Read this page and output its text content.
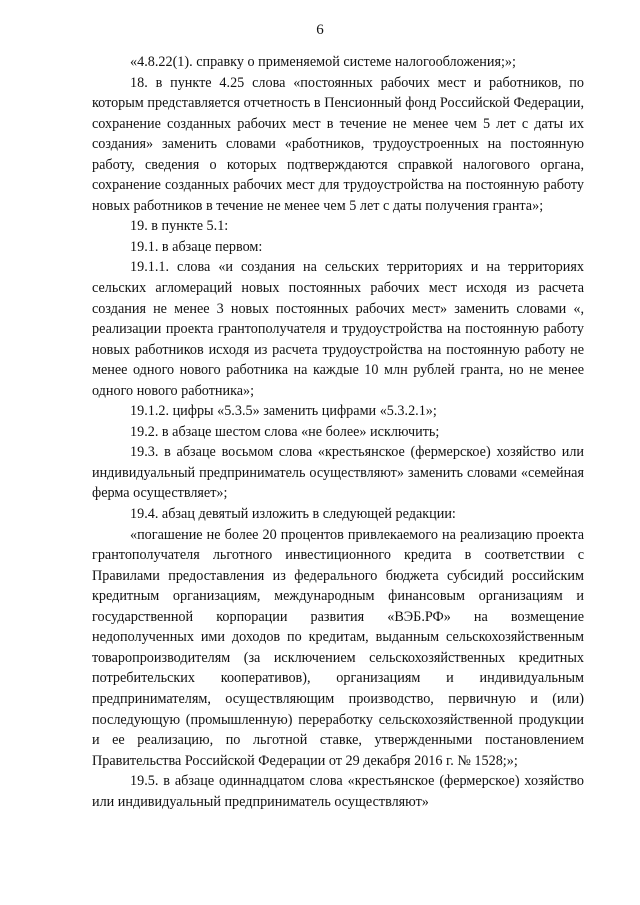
6

«4.8.22(1). справку о применяемой системе налогообложения;»;

18. в пункте 4.25 слова «постоянных рабочих мест и работников, по которым представляется отчетность в Пенсионный фонд Российской Федерации, сохранение созданных рабочих мест в течение не менее чем 5 лет с даты их создания» заменить словами «работников, трудоустроенных на постоянную работу, сведения о которых подтверждаются справкой налогового органа, сохранение созданных рабочих мест для трудоустройства на постоянную работу новых работников в течение не менее чем 5 лет с даты получения гранта»;

19. в пункте 5.1:

19.1. в абзаце первом:

19.1.1. слова «и создания на сельских территориях и на территориях сельских агломераций новых постоянных рабочих мест исходя из расчета создания не менее 3 новых постоянных рабочих мест» заменить словами «, реализации проекта грантополучателя и трудоустройства на постоянную работу новых работников исходя из расчета трудоустройства на постоянную работу не менее одного нового работника на каждые 10 млн рублей гранта, но не менее одного нового работника»;

19.1.2. цифры «5.3.5» заменить цифрами «5.3.2.1»;

19.2. в абзаце шестом слова «не более» исключить;

19.3. в абзаце восьмом слова «крестьянское (фермерское) хозяйство или индивидуальный предприниматель осуществляют» заменить словами «семейная ферма осуществляет»;

19.4. абзац девятый изложить в следующей редакции:

«погашение не более 20 процентов привлекаемого на реализацию проекта грантополучателя льготного инвестиционного кредита в соответствии с Правилами предоставления из федерального бюджета субсидий российским кредитным организациям, международным финансовым организациям и государственной корпорации развития «ВЭБ.РФ» на возмещение недополученных ими доходов по кредитам, выданным сельскохозяйственным товаропроизводителям (за исключением сельскохозяйственных кредитных потребительских кооперативов), организациям и индивидуальным предпринимателям, осуществляющим производство, первичную и (или) последующую (промышленную) переработку сельскохозяйственной продукции и ее реализацию, по льготной ставке, утвержденными постановлением Правительства Российской Федерации от 29 декабря 2016 г. № 1528;»;

19.5. в абзаце одиннадцатом слова «крестьянское (фермерское) хозяйство или индивидуальный предприниматель осуществляют»
